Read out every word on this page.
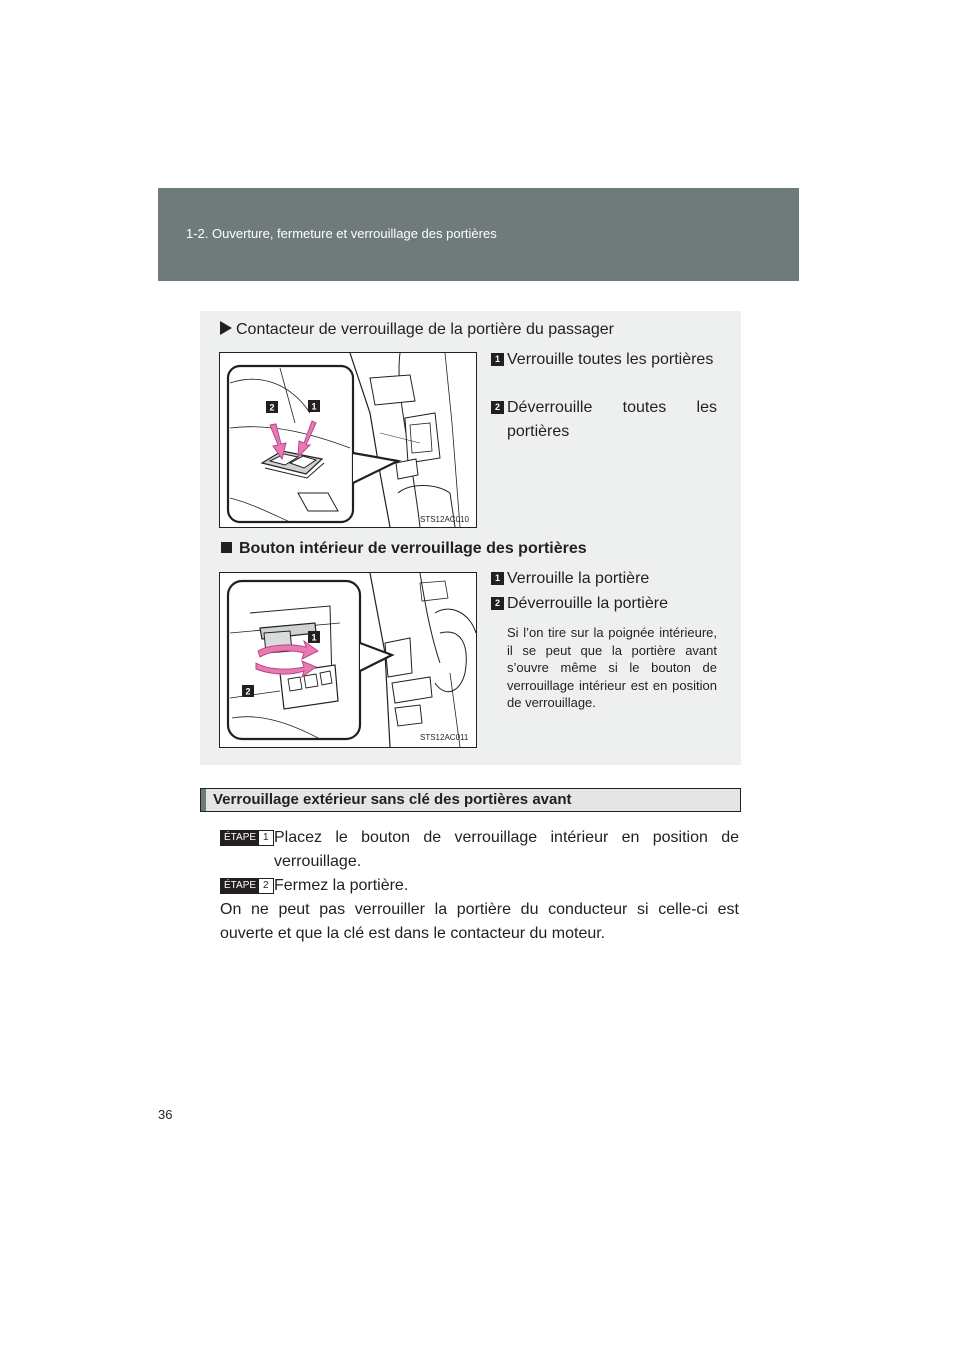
1-2. Ouverture, fermeture et verrouillage des portières
Contacteur de verrouillage de la portière du passager
2	1
STS12AC010
1 Verrouille toutes les portières
2 Déverrouille toutes les portières
Bouton intérieur de verrouillage des portières
1
2
STS12AC011
1 Verrouille la portière
2 Déverrouille la portière
Si l’on tire sur la poignée intérieure, il se peut que la portière avant s’ouvre même si le bouton de verrouillage intérieur est en position de verrouillage.
Verrouillage extérieur sans clé des portières avant
ÉTAPE 1 Placez le bouton de verrouillage intérieur en position de verrouillage.
ÉTAPE 2 Fermez la portière.
On ne peut pas verrouiller la portière du conducteur si celle-ci est ouverte et que la clé est dans le contacteur du moteur.
36
